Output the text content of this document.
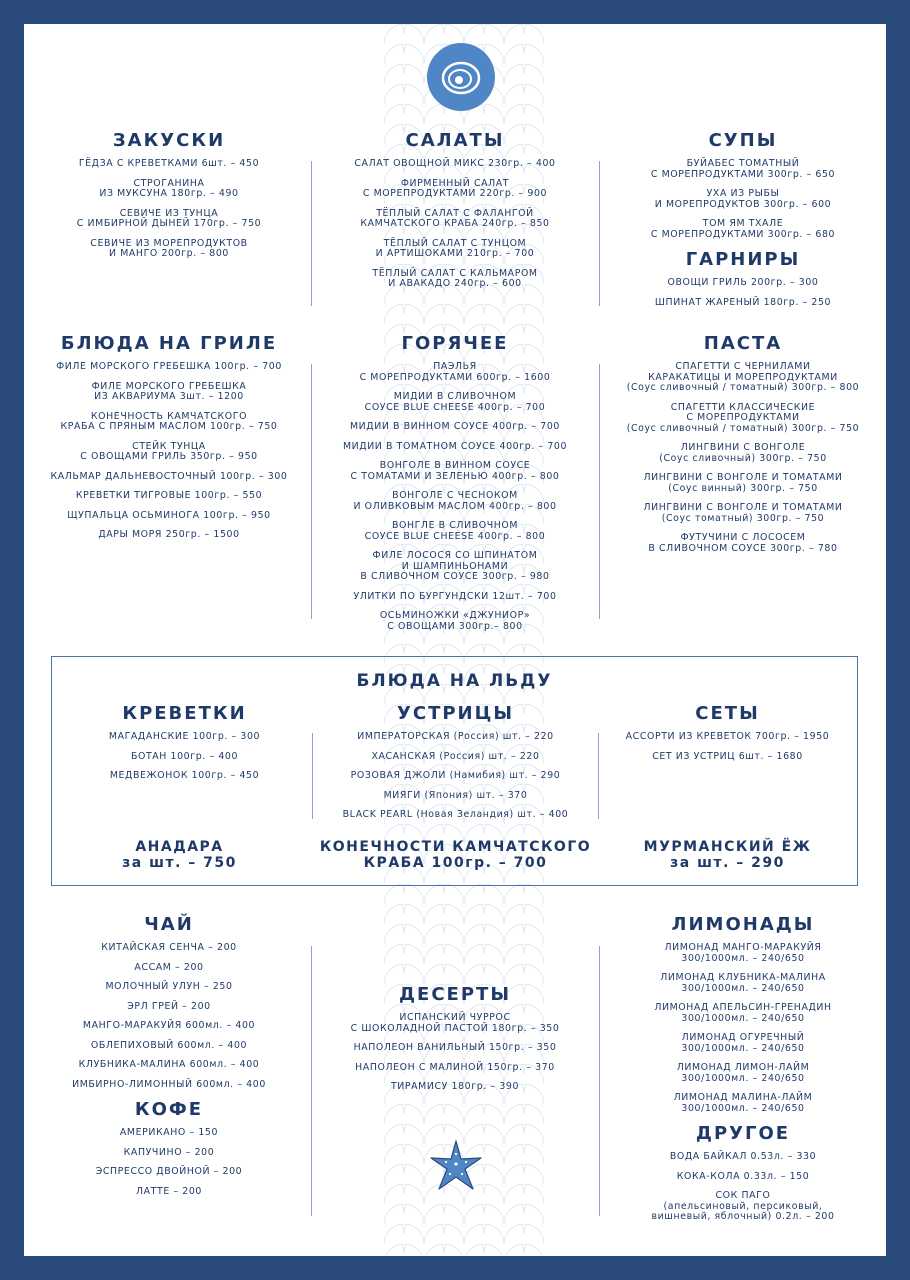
ЗАКУСКИ
ГЁДЗА С КРЕВЕТКАМИ 6шт. – 450
СТРОГАНИНА
ИЗ МУКСУНА 180гр. – 490
СЕВИЧЕ ИЗ ТУНЦА
С ИМБИРНОЙ ДЫНЕЙ 170гр. – 750
СЕВИЧЕ ИЗ МОРЕПРОДУКТОВ
И МАНГО 200гр. – 800
САЛАТЫ
САЛАТ ОВОЩНОЙ МИКС 230гр. – 400
ФИРМЕННЫЙ САЛАТ
С МОРЕПРОДУКТАМИ 220гр. – 900
ТЁПЛЫЙ САЛАТ С ФАЛАНГОЙ
КАМЧАТСКОГО КРАБА 240гр. – 850
ТЁПЛЫЙ САЛАТ С ТУНЦОМ
И АРТИШОКАМИ 210гр. – 700
ТЁПЛЫЙ САЛАТ С КАЛЬМАРОМ
И АВАКАДО 240гр. – 600
СУПЫ
БУЙАБЕС ТОМАТНЫЙ
С МОРЕПРОДУКТАМИ 300гр. – 650
УХА ИЗ РЫБЫ
И МОРЕПРОДУКТОВ 300гр. – 600
ТОМ ЯМ ТХАЛЕ
С МОРЕПРОДУКТАМИ 300гр. – 680
ГАРНИРЫ
ОВОЩИ ГРИЛЬ 200гр. – 300
ШПИНАТ ЖАРЕНЫЙ 180гр. – 250
БЛЮДА НА ГРИЛЕ
ФИЛЕ МОРСКОГО ГРЕБЕШКА 100гр. – 700
ФИЛЕ МОРСКОГО ГРЕБЕШКА
ИЗ АКВАРИУМА 3шт. – 1200
КОНЕЧНОСТЬ КАМЧАТСКОГО
КРАБА С ПРЯНЫМ МАСЛОМ 100гр. – 750
СТЕЙК ТУНЦА
С ОВОЩАМИ ГРИЛЬ 350гр. – 950
КАЛЬМАР ДАЛЬНЕВОСТОЧНЫЙ 100гр. – 300
КРЕВЕТКИ ТИГРОВЫЕ 100гр. – 550
ЩУПАЛЬЦА ОСЬМИНОГА 100гр. – 950
ДАРЫ МОРЯ 250гр. – 1500
ГОРЯЧЕЕ
ПАЭЛЬЯ
С МОРЕПРОДУКТАМИ 600гр. – 1600
МИДИИ В СЛИВОЧНОМ
СОУСЕ BLUE CHEESE 400гр. – 700
МИДИИ В ВИННОМ СОУСЕ 400гр. – 700
МИДИИ В ТОМАТНОМ СОУСЕ 400гр. – 700
ВОНГОЛЕ В ВИННОМ СОУСЕ
С ТОМАТАМИ И ЗЕЛЕНЬЮ 400гр. – 800
ВОНГОЛЕ С ЧЕСНОКОМ
И ОЛИВКОВЫМ МАСЛОМ 400гр. – 800
ВОНГЛЕ В СЛИВОЧНОМ
СОУСЕ BLUE CHEESE 400гр. – 800
ФИЛЕ ЛОСОСЯ СО ШПИНАТОМ
И ШАМПИНЬОНАМИ
В СЛИВОЧНОМ СОУСЕ 300гр. – 980
УЛИТКИ ПО БУРГУНДСКИ 12шт. – 700
ОСЬМИНОЖКИ «ДЖУНИОР»
С ОВОЩАМИ 300гр.– 800
ПАСТА
СПАГЕТТИ С ЧЕРНИЛАМИ
КАРАКАТИЦЫ И МОРЕПРОДУКТАМИ
(Соус сливочный / томатный) 300гр. – 800
СПАГЕТТИ КЛАССИЧЕСКИЕ
С МОРЕПРОДУКТАМИ
(Соус сливочный / томатный) 300гр. – 750
ЛИНГВИНИ С ВОНГОЛЕ
(Соус сливочный) 300гр. – 750
ЛИНГВИНИ С ВОНГОЛЕ И ТОМАТАМИ
(Соус винный) 300гр. – 750
ЛИНГВИНИ С ВОНГОЛЕ И ТОМАТАМИ
(Соус томатный) 300гр. – 750
ФУТУЧИНИ С ЛОСОСЕМ
В СЛИВОЧНОМ СОУСЕ 300гр. – 780
БЛЮДА НА ЛЬДУ
КРЕВЕТКИ
МАГАДАНСКИЕ 100гр. – 300
БОТАН 100гр. – 400
МЕДВЕЖОНОК 100гр. – 450
УСТРИЦЫ
ИМПЕРАТОРСКАЯ (Россия) шт. – 220
ХАСАНСКАЯ (Россия) шт. – 220
РОЗОВАЯ ДЖОЛИ (Намибия) шт. – 290
МИЯГИ (Япония) шт. – 370
BLACK PEARL (Новая Зеландия) шт. – 400
СЕТЫ
АССОРТИ ИЗ КРЕВЕТОК 700гр. – 1950
СЕТ ИЗ УСТРИЦ 6шт. – 1680
АНАДАРА
за шт. – 750
КОНЕЧНОСТИ КАМЧАТСКОГО
КРАБА 100гр. – 700
МУРМАНСКИЙ ЁЖ
за шт. – 290
ЧАЙ
КИТАЙСКАЯ СЕНЧА – 200
АССАМ – 200
МОЛОЧНЫЙ УЛУН – 250
ЭРЛ ГРЕЙ – 200
МАНГО-МАРАКУЙЯ 600мл. – 400
ОБЛЕПИХОВЫЙ 600мл. – 400
КЛУБНИКА-МАЛИНА 600мл. – 400
ИМБИРНО-ЛИМОННЫЙ 600мл. – 400
КОФЕ
АМЕРИКАНО – 150
КАПУЧИНО – 200
ЭСПРЕССО ДВОЙНОЙ – 200
ЛАТТЕ – 200
ДЕСЕРТЫ
ИСПАНСКИЙ ЧУРРОС
С ШОКОЛАДНОЙ ПАСТОЙ 180гр. – 350
НАПОЛЕОН ВАНИЛЬНЫЙ 150гр. – 350
НАПОЛЕОН С МАЛИНОЙ 150гр. – 370
ТИРАМИСУ 180гр. – 390
ЛИМОНАДЫ
ЛИМОНАД МАНГО-МАРАКУЙЯ
300/1000мл. – 240/650
ЛИМОНАД КЛУБНИКА-МАЛИНА
300/1000мл. – 240/650
ЛИМОНАД АПЕЛЬСИН-ГРЕНАДИН
300/1000мл. – 240/650
ЛИМОНАД ОГУРЕЧНЫЙ
300/1000мл. – 240/650
ЛИМОНАД ЛИМОН-ЛАЙМ
300/1000мл. – 240/650
ЛИМОНАД МАЛИНА-ЛАЙМ
300/1000мл. – 240/650
ДРУГОЕ
ВОДА БАЙКАЛ 0.53л. – 330
КОКА-КОЛА 0.33л. – 150
СОК ПАГО
(апельсиновый, персиковый,
вишневый, яблочный) 0.2л. – 200
